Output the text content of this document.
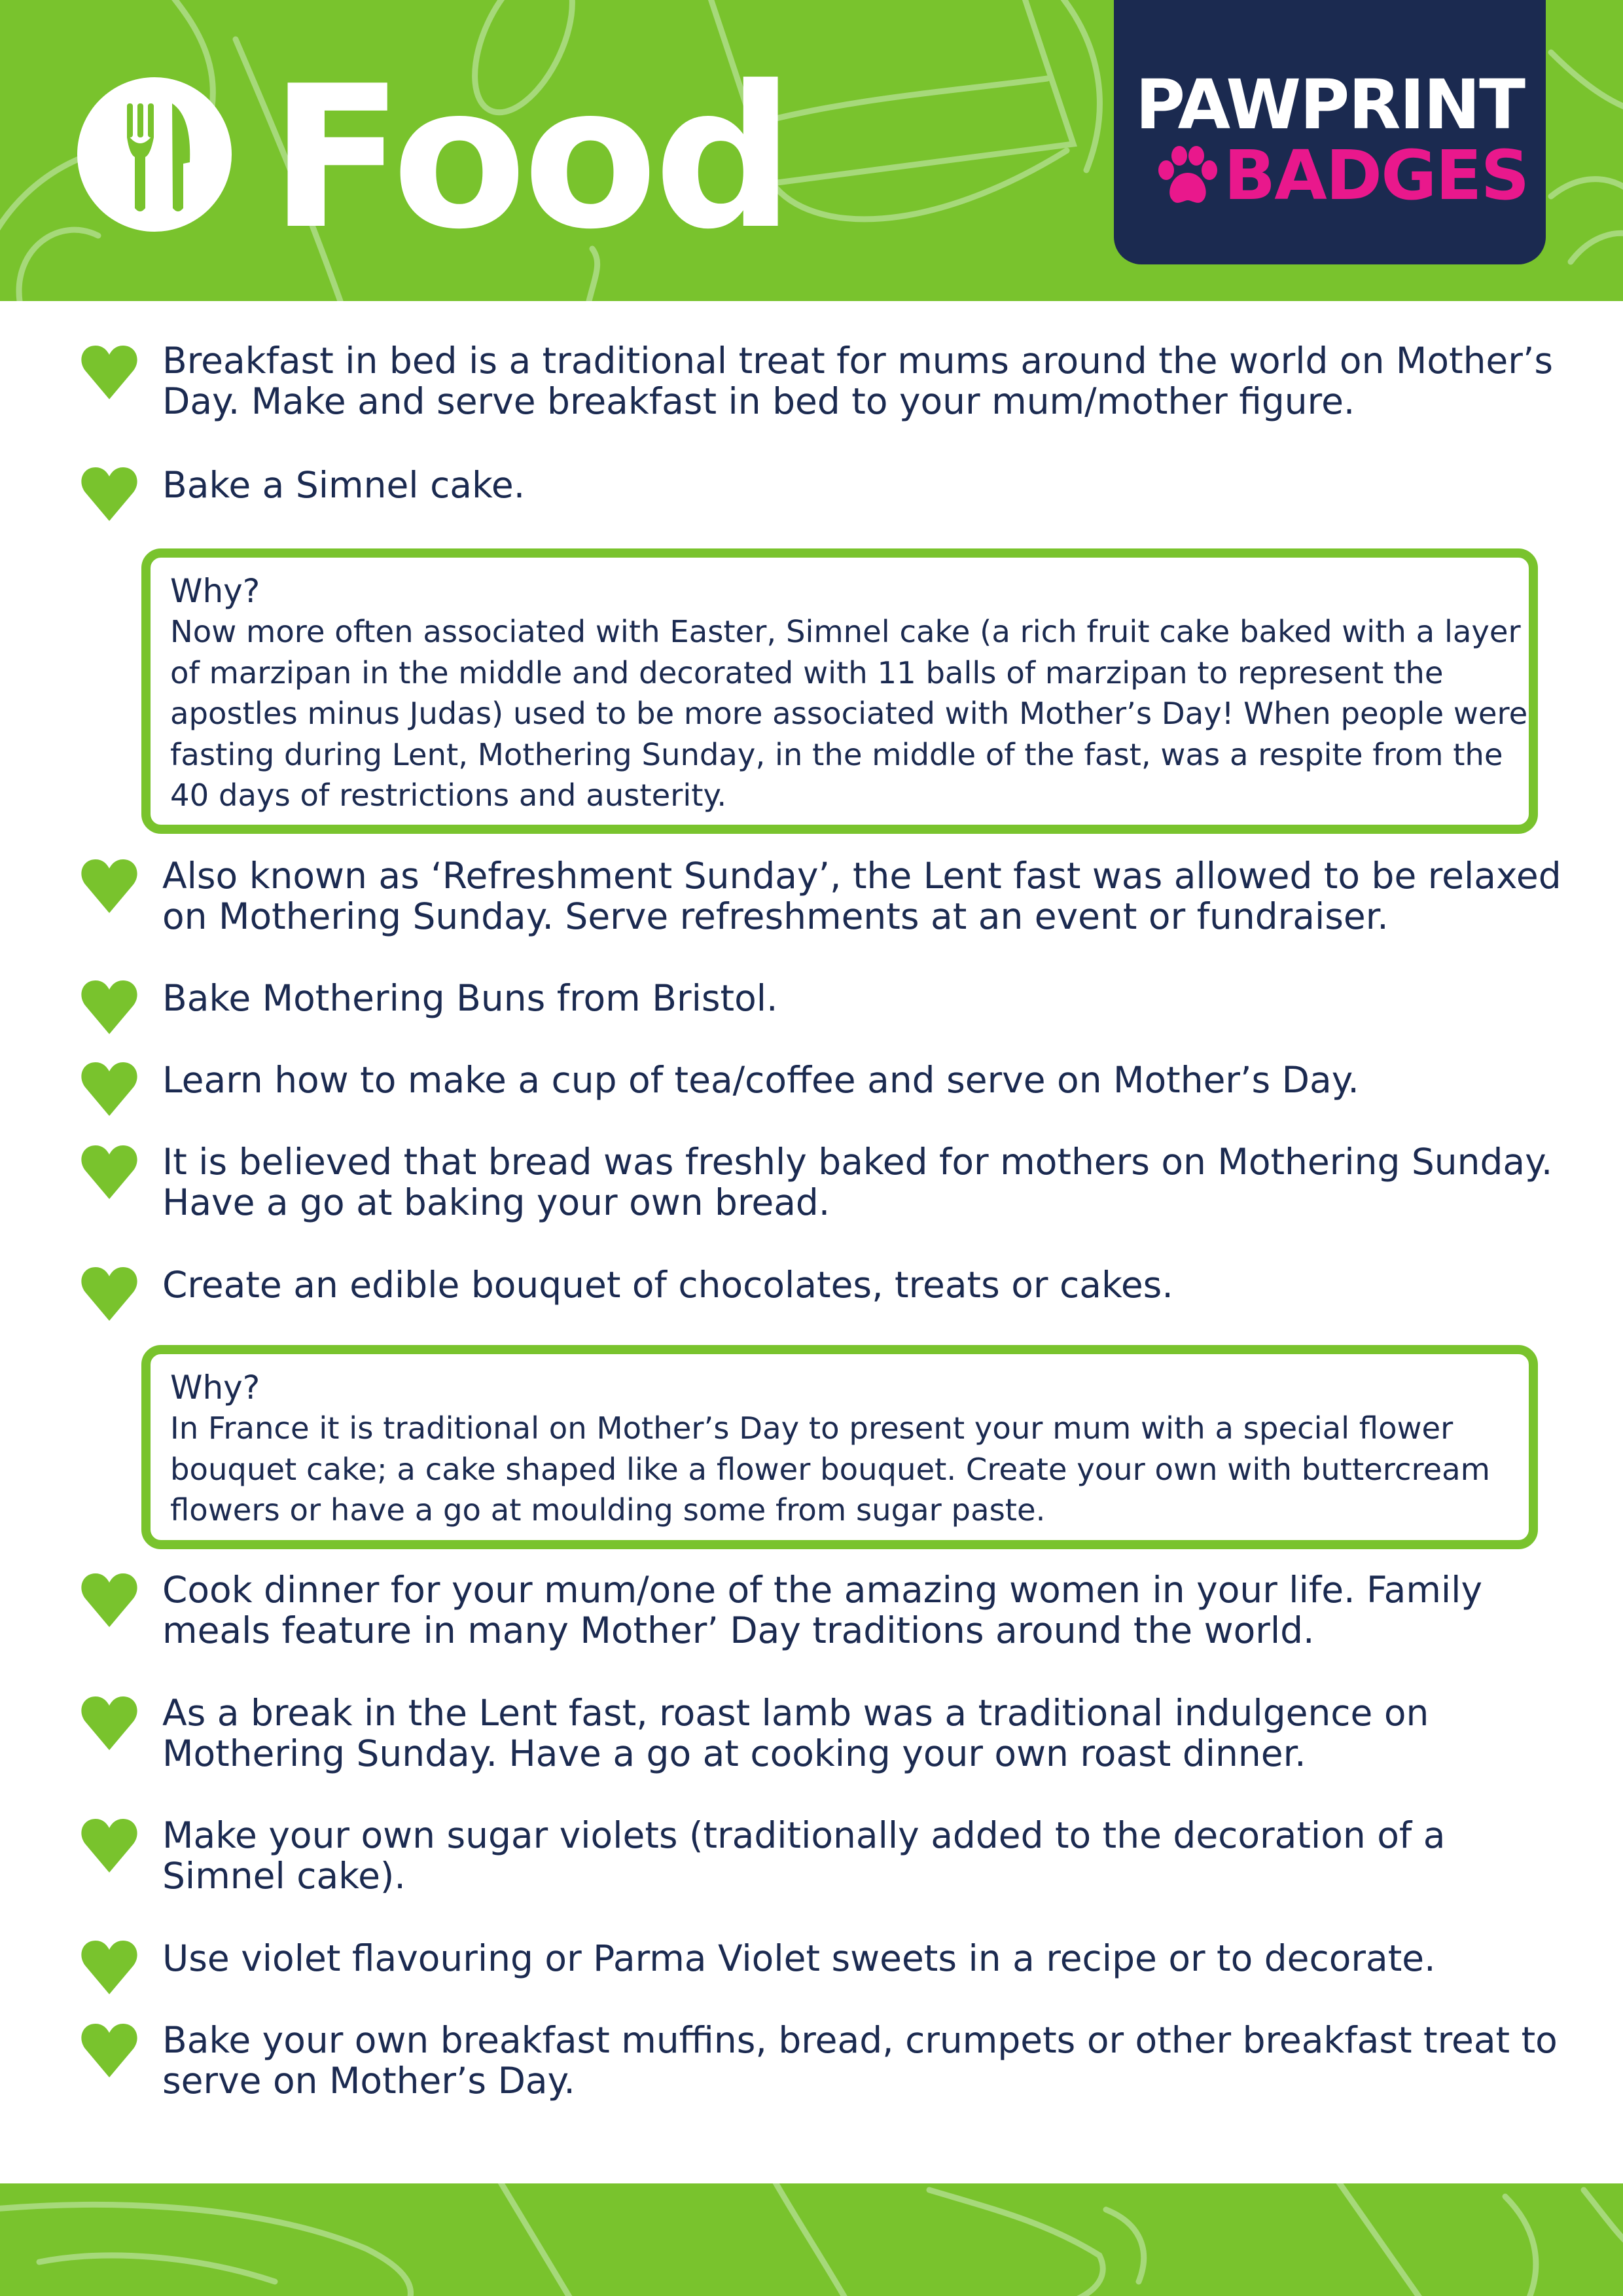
Food	PAWPRINT
BADGES

Breakfast in bed is a traditional treat for mums around the world on Mother’s Day. Make and serve breakfast in bed to your mum/mother figure.

Bake a Simnel cake.

Why?
Now more often associated with Easter, Simnel cake (a rich fruit cake baked with a layer of marzipan in the middle and decorated with 11 balls of marzipan to represent the apostles minus Judas) used to be more associated with Mother’s Day! When people were fasting during Lent, Mothering Sunday, in the middle of the fast, was a respite from the 40 days of restrictions and austerity.

Also known as ‘Refreshment Sunday’, the Lent fast was allowed to be relaxed on Mothering Sunday. Serve refreshments at an event or fundraiser.

Bake Mothering Buns from Bristol.

Learn how to make a cup of tea/coffee and serve on Mother’s Day.

It is believed that bread was freshly baked for mothers on Mothering Sunday. Have a go at baking your own bread.

Create an edible bouquet of chocolates, treats or cakes.

Why?
In France it is traditional on Mother’s Day to present your mum with a special flower bouquet cake; a cake shaped like a flower bouquet. Create your own with buttercream flowers or have a go at moulding some from sugar paste.

Cook dinner for your mum/one of the amazing women in your life. Family meals feature in many Mother’ Day traditions around the world.

As a break in the Lent fast, roast lamb was a traditional indulgence on Mothering Sunday. Have a go at cooking your own roast dinner.

Make your own sugar violets (traditionally added to the decoration of a Simnel cake).

Use violet flavouring or Parma Violet sweets in a recipe or to decorate.

Bake your own breakfast muffins, bread, crumpets or other breakfast treat to serve on Mother’s Day.
